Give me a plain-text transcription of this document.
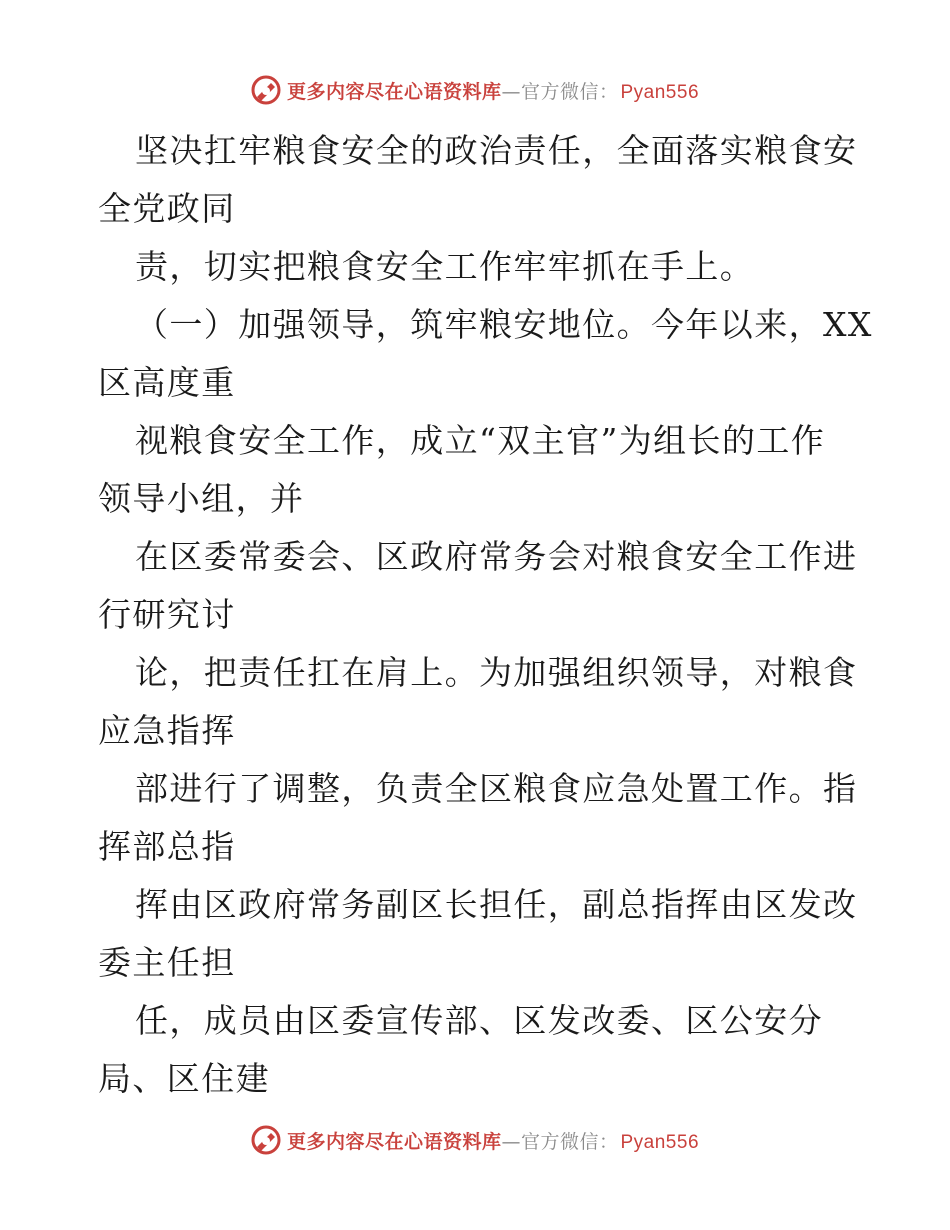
更多内容尽在心语资料库 — 官方微信： Pyan556
坚决扛牢粮食安全的政治责任，全面落实粮食安
全党政同
责，切实把粮食安全工作牢牢抓在手上。
（一）加强领导，筑牢粮安地位。今年以来，XX
区高度重
视粮食安全工作，成立“双主官”为组长的工作
领导小组，并
在区委常委会、区政府常务会对粮食安全工作进
行研究讨
论，把责任扛在肩上。为加强组织领导，对粮食
应急指挥
部进行了调整，负责全区粮食应急处置工作。指
挥部总指
挥由区政府常务副区长担任，副总指挥由区发改
委主任担
任，成员由区委宣传部、区发改委、区公安分
局、区住建
更多内容尽在心语资料库 — 官方微信： Pyan556
